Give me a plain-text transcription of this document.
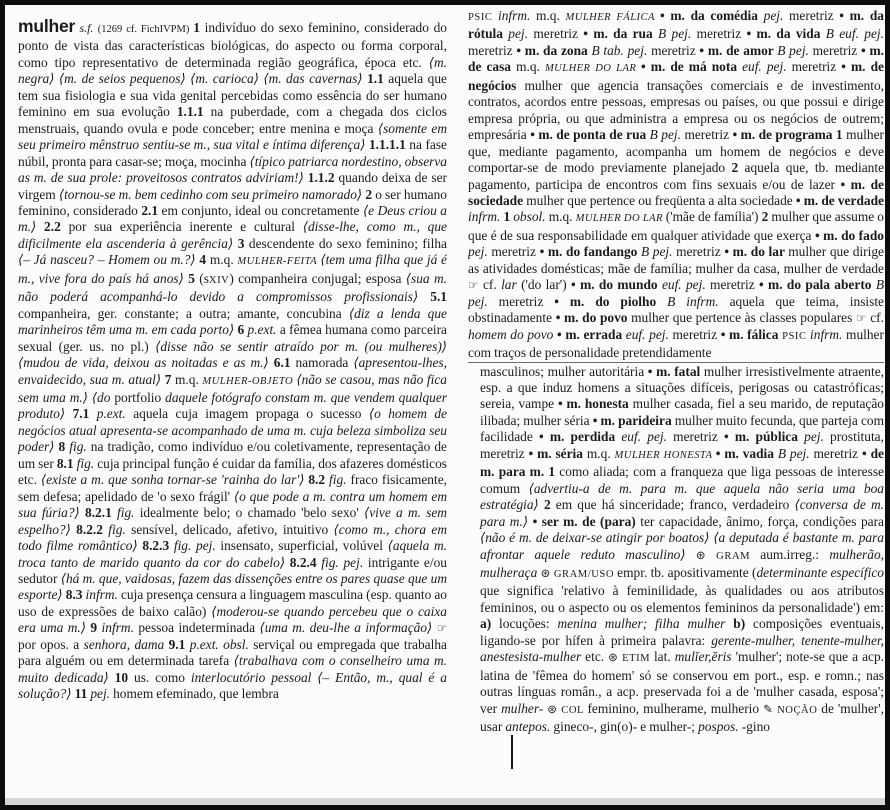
mulher s.f. (1269 cf. FichIVPM) 1 indivíduo do sexo feminino, considerado do ponto de vista das características biológicas, do aspecto ou forma corporal, como tipo representativo de determinada região geográfica, época etc. ⟨m. negra⟩ ⟨m. de seios pequenos⟩ ⟨m. carioca⟩ ⟨m. das cavernas⟩ 1.1 aquela que tem sua fisiologia e sua vida genital percebidas como essência do ser humano feminino em sua evolução 1.1.1 na puberdade, com a chegada dos ciclos menstruais, quando ovula e pode conceber; entre menina e moça ⟨somente em seu primeiro mênstruo sentiu-se m., sua vital e íntima diferença⟩ 1.1.1.1 na fase núbil, pronta para casar-se; moça, mocinha ⟨típico patriarca nordestino, observa as m. de sua prole: proveitosos contratos adviriam!⟩ 1.1.2 quando deixa de ser virgem ⟨tornou-se m. bem cedinho com seu primeiro namorado⟩ 2 o ser humano feminino, considerado 2.1 em conjunto, ideal ou concretamente ⟨e Deus criou a m.⟩ 2.2 por sua experiência inerente e cultural ⟨disse-lhe, como m., que dificilmente ela ascenderia à gerência⟩ 3 descendente do sexo feminino; filha ⟨– Já nasceu? – Homem ou m.?⟩ 4 m.q. MULHER-FEITA ⟨tem uma filha que já é m., vive fora do país há anos⟩ 5 (sXIV) companheira conjugal; esposa ⟨sua m. não poderá acompanhá-lo devido a compromissos profissionais⟩ 5.1 companheira, ger. constante; a outra; amante, concubina ⟨diz a lenda que marinheiros têm uma m. em cada porto⟩ 6 p.ext. a fêmea humana como parceira sexual (ger. us. no pl.) ⟨disse não se sentir atraído por m. (ou mulheres)⟩ ⟨mudou de vida, deixou as noitadas e as m.⟩ 6.1 namorada ⟨apresentou-lhes, envaidecido, sua m. atual⟩ 7 m.q. MULHER-OBJETO ⟨não se casou, mas não fica sem uma m.⟩ ⟨do portfolio daquele fotógrafo constam m. que vendem qualquer produto⟩ 7.1 p.ext. aquela cuja imagem propaga o sucesso ⟨o homem de negócios atual apresenta-se acompanhado de uma m. cuja beleza simboliza seu poder⟩ 8 fig. na tradição, como indivíduo e/ou coletivamente, representação de um ser 8.1 fig. cuja principal função é cuidar da família, dos afazeres domésticos etc. ⟨existe a m. que sonha tornar-se 'rainha do lar'⟩ 8.2 fig. fraco fisicamente, sem defesa; apelidado de 'o sexo frágil' ⟨o que pode a m. contra um homem em sua fúria?⟩ 8.2.1 fig. idealmente belo; o chamado 'belo sexo' ⟨vive a m. sem espelho?⟩ 8.2.2 fig. sensível, delicado, afetivo, intuitivo ⟨como m., chora em todo filme romântico⟩ 8.2.3 fig. pej. insensato, superficial, volúvel ⟨aquela m. troca tanto de marido quanto da cor do cabelo⟩ 8.2.4 fig. pej. intrigante e/ou sedutor ⟨há m. que, vaidosas, fazem das dissenções entre os pares quase que um esporte⟩ 8.3 infrm. cuja presença censura a linguagem masculina (esp. quanto ao uso de expressões de baixo calão) ⟨moderou-se quando percebeu que o caixa era uma m.⟩ 9 infrm. pessoa indeterminada ⟨uma m. deu-lhe a informação⟩ ☞ por opos. a senhora, dama 9.1 p.ext. obsl. serviçal ou empregada que trabalha para alguém ou em determinada tarefa ⟨trabalhava com o conselheiro uma m. muito dedicada⟩ 10 us. como interlocutório pessoal ⟨– Então, m., qual é a solução?⟩ 11 pej. homem efeminado, que lembra

PSIC infrm. m.q. MULHER FÁLICA • m. da comédia pej. meretriz • m. da rótula pej. meretriz • m. da rua B pej. meretriz • m. da vida B euf. pej. meretriz • m. da zona B tab. pej. meretriz • m. de amor B pej. meretriz • m. de casa m.q. MULHER DO LAR • m. de má nota euf. pej. meretriz • m. de negócios mulher que agencia transações comerciais e de investimento, contratos, acordos entre pessoas, empresas ou países, ou que possui e dirige empresa própria, ou que administra a empresa ou os negócios de outrem; empresária • m. de ponta de rua B pej. meretriz • m. de programa 1 mulher que, mediante pagamento, acompanha um homem de negócios e deve comportar-se de modo previamente planejado 2 aquela que, tb. mediante pagamento, participa de encontros com fins sexuais e/ou de lazer • m. de sociedade mulher que pertence ou freqüenta a alta sociedade • m. de verdade infrm. 1 obsol. m.q. MULHER DO LAR ('mãe de família') 2 mulher que assume o que é de sua responsabilidade em qualquer atividade que exerça • m. do fado pej. meretriz • m. do fandango B pej. meretriz • m. do lar mulher que dirige as atividades domésticas; mãe de família; mulher da casa, mulher de verdade ☞ cf. lar ('do lar') • m. do mundo euf. pej. meretriz • m. do pala aberto B pej. meretriz • m. do piolho B infrm. aquela que teima, insiste obstinadamente • m. do povo mulher que pertence às classes populares ☞ cf. homem do povo • m. errada euf. pej. meretriz • m. fálica PSIC infrm. mulher com traços de personalidade pretendidamente

masculinos; mulher autoritária • m. fatal mulher irresistivelmente atraente, esp. a que induz homens a situações difíceis, perigosas ou catastróficas; sereia, vampe • m. honesta mulher casada, fiel a seu marido, de reputação ilibada; mulher séria • m. parideira mulher muito fecunda, que parteja com facilidade • m. perdida euf. pej. meretriz • m. pública pej. prostituta, meretriz • m. séria m.q. MULHER HONESTA • m. vadia B pej. meretriz • de m. para m. 1 como aliada; com a franqueza que liga pessoas de interesse comum ⟨advertiu-a de m. para m. que aquela não seria uma boa estratégia⟩ 2 em que há sinceridade; franco, verdadeiro ⟨conversa de m. para m.⟩ • ser m. de (para) ter capacidade, ânimo, força, condições para ⟨não é m. de deixar-se atingir por boatos⟩ ⟨a deputada é bastante m. para afrontar aquele reduto masculino⟩ ⊛ GRAM aum.irreg.: mulherão, mulheraça ⊛ GRAM/USO empr. tb. apositivamente (determinante específico que significa 'relativo à feminilidade, às qualidades ou aos atributos femininos, ou o aspecto ou os elementos femininos da personalidade') em: a) locuções: menina mulher; filha mulher b) composições eventuais, ligando-se por hífen à primeira palavra: gerente-mulher, tenente-mulher, anestesista-mulher etc. ⊛ ETIM lat. mulĭer,ĕris 'mulher'; note-se que a acp. latina de 'fêmea do homem' só se conservou em port., esp. e romn.; nas outras línguas român., a acp. preservada foi a de 'mulher casada, esposa'; ver mulher- ⊛ COL feminino, mulherame, mulherio ✎ NOÇÃO de 'mulher', usar antepos. gineco-, gin(o)- e mulher-; pospos. -gino
